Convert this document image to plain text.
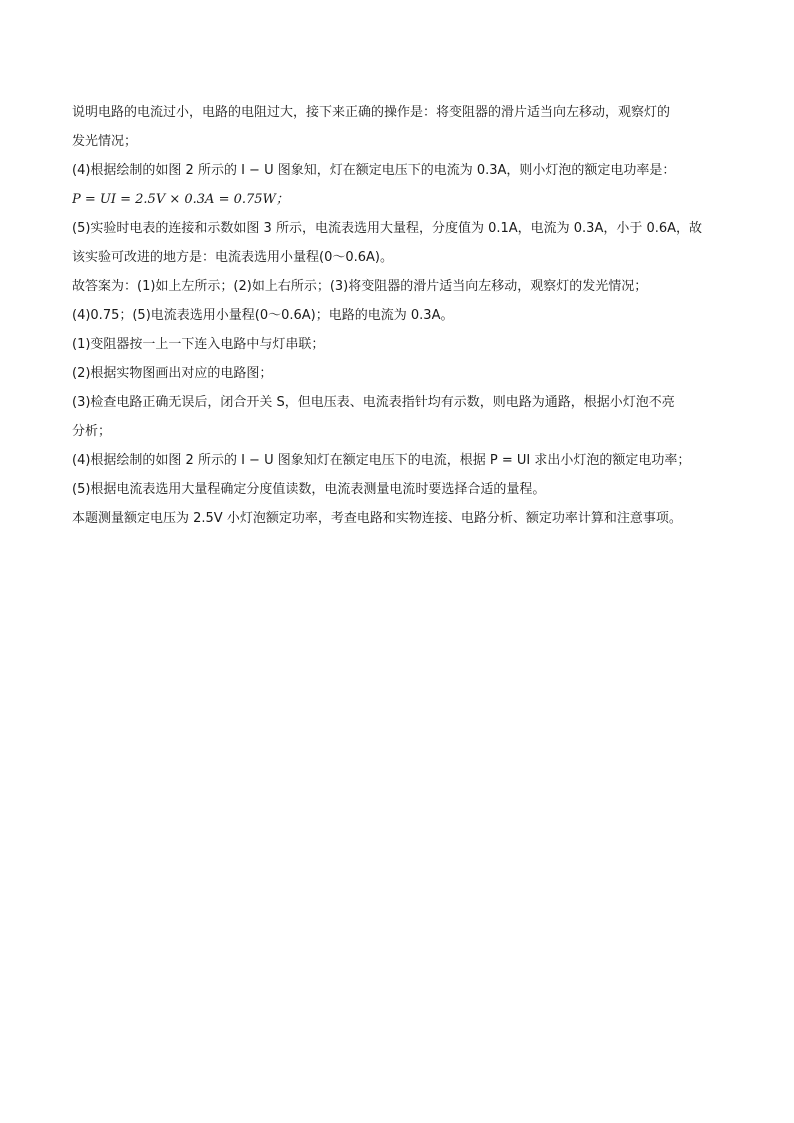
说明电路的电流过小，电路的电阻过大，接下来正确的操作是：将变阻器的滑片适当向左移动，观察灯的
发光情况；
(4)根据绘制的如图 2 所示的 I − U 图象知，灯在额定电压下的电流为 0.3A，则小灯泡的额定电功率是：
P = UI = 2.5V × 0.3A = 0.75W；
(5)实验时电表的连接和示数如图 3 所示，电流表选用大量程，分度值为 0.1A，电流为 0.3A，小于 0.6A，故
该实验可改进的地方是：电流表选用小量程(0～0.6A)。
故答案为：(1)如上左所示；(2)如上右所示；(3)将变阻器的滑片适当向左移动，观察灯的发光情况；
(4)0.75；(5)电流表选用小量程(0～0.6A)；电路的电流为 0.3A。
(1)变阻器按一上一下连入电路中与灯串联；
(2)根据实物图画出对应的电路图；
(3)检查电路正确无误后，闭合开关 S，但电压表、电流表指针均有示数，则电路为通路，根据小灯泡不亮
分析；
(4)根据绘制的如图 2 所示的 I − U 图象知灯在额定电压下的电流，根据 P = UI 求出小灯泡的额定电功率；
(5)根据电流表选用大量程确定分度值读数，电流表测量电流时要选择合适的量程。
本题测量额定电压为 2.5V 小灯泡额定功率，考查电路和实物连接、电路分析、额定功率计算和注意事项。
